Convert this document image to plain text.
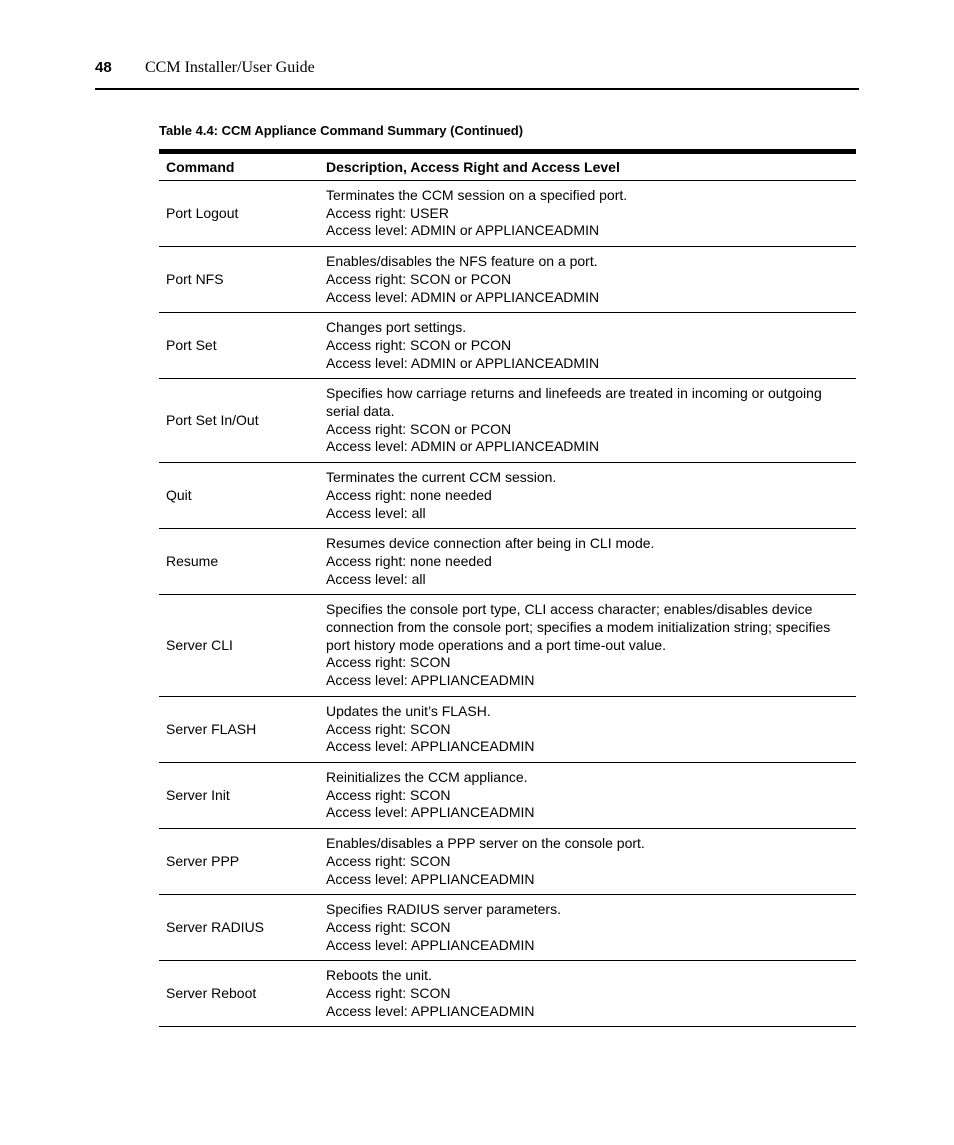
48 CCM Installer/User Guide
Table 4.4: CCM Appliance Command Summary (Continued)
Command	Description, Access Right and Access Level
Port Logout	Terminates the CCM session on a specified port.
Access right: USER
Access level: ADMIN or APPLIANCEADMIN

Port NFS	Enables/disables the NFS feature on a port.
Access right: SCON or PCON
Access level: ADMIN or APPLIANCEADMIN

Port Set	Changes port settings.
Access right: SCON or PCON
Access level: ADMIN or APPLIANCEADMIN

Port Set In/Out	Specifies how carriage returns and linefeeds are treated in incoming or outgoing
serial data.
Access right: SCON or PCON
Access level: ADMIN or APPLIANCEADMIN

Quit	Terminates the current CCM session.
Access right: none needed
Access level: all

Resume	Resumes device connection after being in CLI mode.
Access right: none needed
Access level: all

Server CLI	Specifies the console port type, CLI access character; enables/disables device
connection from the console port; specifies a modem initialization string; specifies
port history mode operations and a port time-out value.
Access right: SCON
Access level: APPLIANCEADMIN

Server FLASH	Updates the unit’s FLASH.
Access right: SCON
Access level: APPLIANCEADMIN

Server Init	Reinitializes the CCM appliance.
Access right: SCON
Access level: APPLIANCEADMIN

Server PPP	Enables/disables a PPP server on the console port.
Access right: SCON
Access level: APPLIANCEADMIN

Server RADIUS	Specifies RADIUS server parameters.
Access right: SCON
Access level: APPLIANCEADMIN

Server Reboot	Reboots the unit.
Access right: SCON
Access level: APPLIANCEADMIN
